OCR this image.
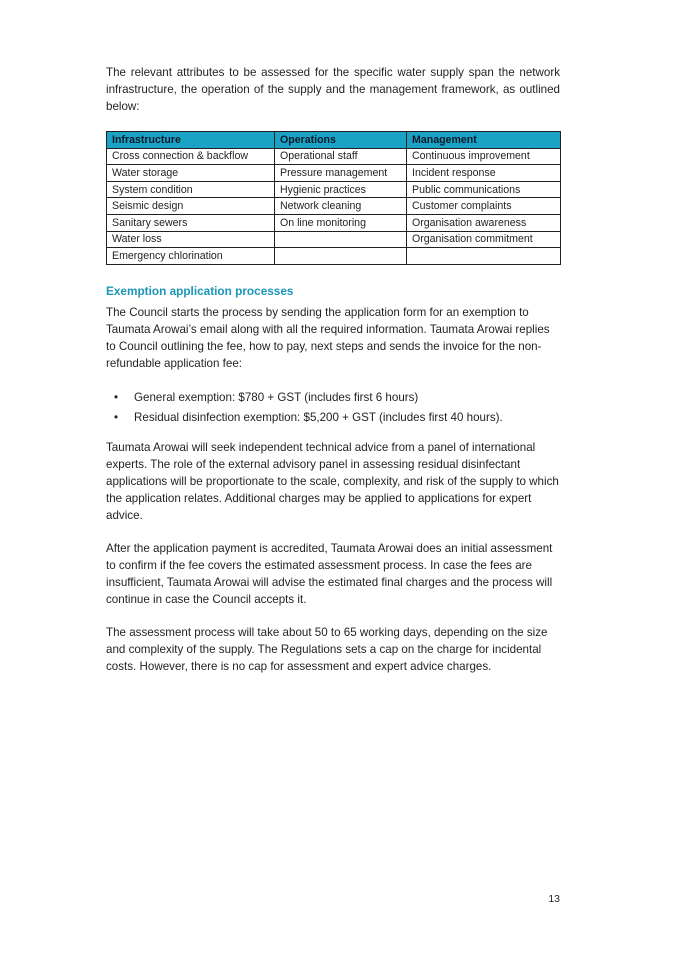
The relevant attributes to be assessed for the specific water supply span the network infrastructure, the operation of the supply and the management framework, as outlined below:

Infrastructure	Operations	Management
Cross connection & backflow	Operational staff	Continuous improvement
Water storage	Pressure management	Incident response
System condition	Hygienic practices	Public communications
Seismic design	Network cleaning	Customer complaints
Sanitary sewers	On line monitoring	Organisation awareness
Water loss		Organisation commitment
Emergency chlorination		
Exemption application processes

The Council starts the process by sending the application form for an exemption to Taumata Arowai’s email along with all the required information. Taumata Arowai replies to Council outlining the fee, how to pay, next steps and sends the invoice for the non-refundable application fee:

• General exemption: $780 + GST (includes first 6 hours)
• Residual disinfection exemption: $5,200 + GST (includes first 40 hours).

Taumata Arowai will seek independent technical advice from a panel of international experts. The role of the external advisory panel in assessing residual disinfectant applications will be proportionate to the scale, complexity, and risk of the supply to which the application relates. Additional charges may be applied to applications for expert advice.

After the application payment is accredited, Taumata Arowai does an initial assessment to confirm if the fee covers the estimated assessment process. In case the fees are insufficient, Taumata Arowai will advise the estimated final charges and the process will continue in case the Council accepts it.

The assessment process will take about 50 to 65 working days, depending on the size and complexity of the supply. The Regulations sets a cap on the charge for incidental costs. However, there is no cap for assessment and expert advice charges.

13
